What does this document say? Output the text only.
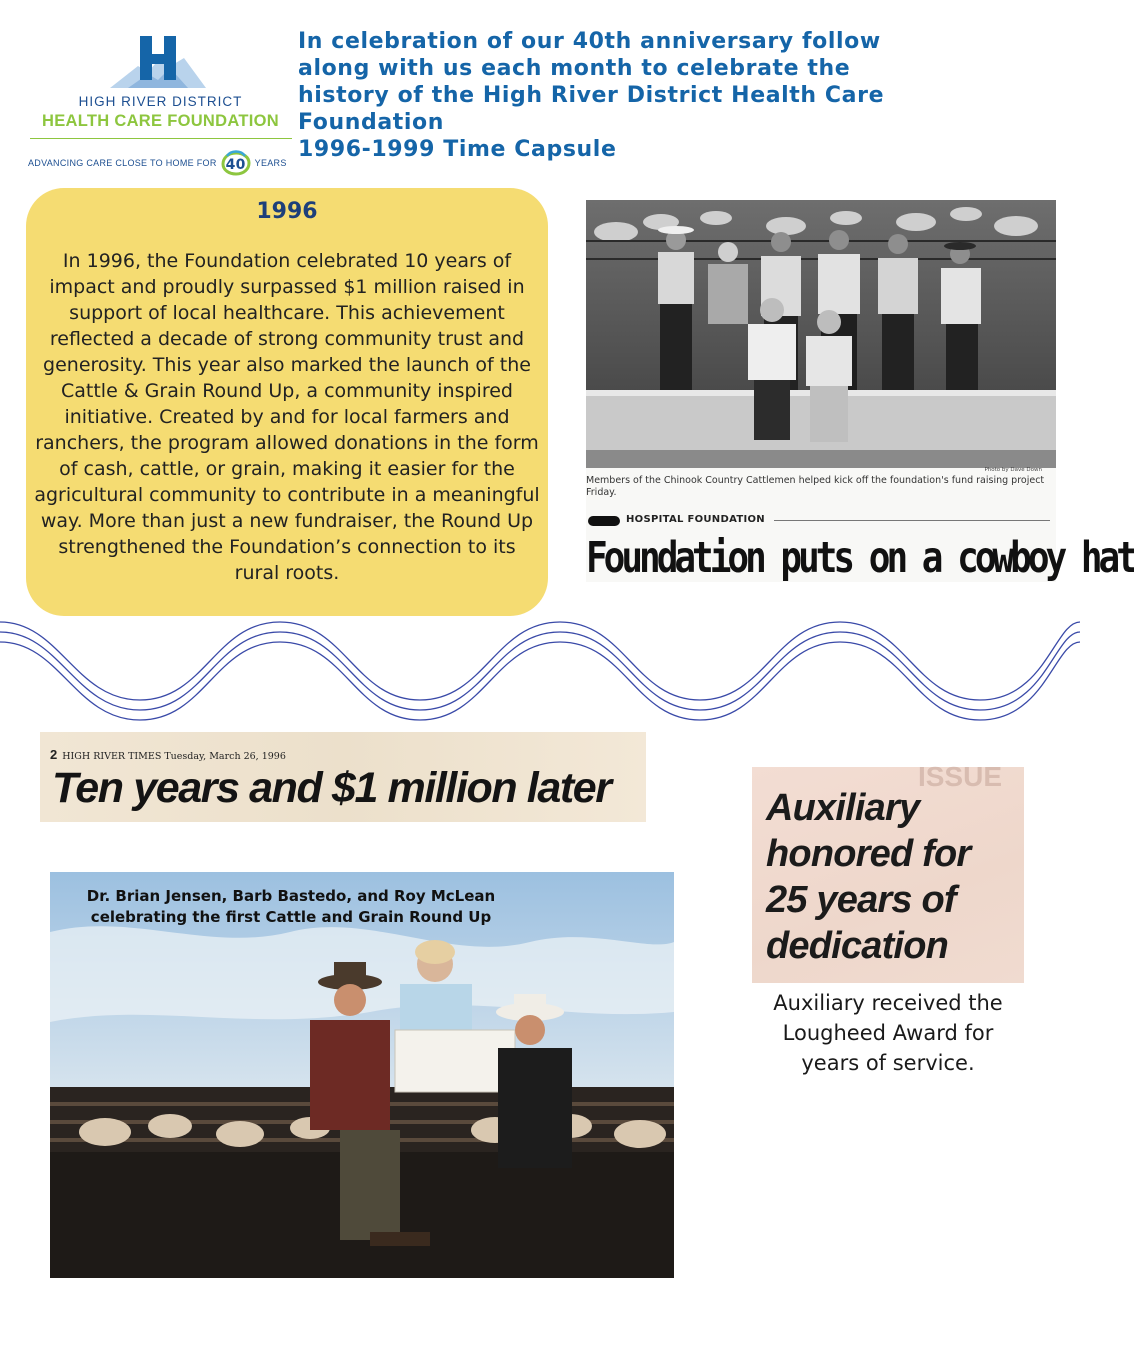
HIGH RIVER DISTRICT
HEALTH CARE FOUNDATION
ADVANCING CARE CLOSE TO HOME FOR 40 YEARS
In celebration of our 40th anniversary follow
along with us each month to celebrate the
history of the High River District Health Care
Foundation
1996-1999 Time Capsule
1996
In 1996, the Foundation celebrated 10 years of impact and proudly surpassed $1 million raised in support of local healthcare. This achievement reflected a decade of strong community trust and generosity. This year also marked the launch of the Cattle & Grain Round Up, a community inspired initiative. Created by and for local farmers and ranchers, the program allowed donations in the form of cash, cattle, or grain, making it easier for the agricultural community to contribute in a meaningful way. More than just a new fundraiser, the Round Up strengthened the Foundation’s connection to its rural roots.
Photo by Dave Down
Members of the Chinook Country Cattlemen helped kick off the foundation's fund raising project Friday.
HOSPITAL FOUNDATION
Foundation puts on a cowboy hat
2 HIGH RIVER TIMES Tuesday, March 26, 1996
Ten years and $1 million later
Dr. Brian Jensen, Barb Bastedo, and Roy McLean celebrating the first Cattle and Grain Round Up
ISSUE
Auxiliary
honored for
25 years of
dedication
Auxiliary received the Lougheed Award for years of service.
